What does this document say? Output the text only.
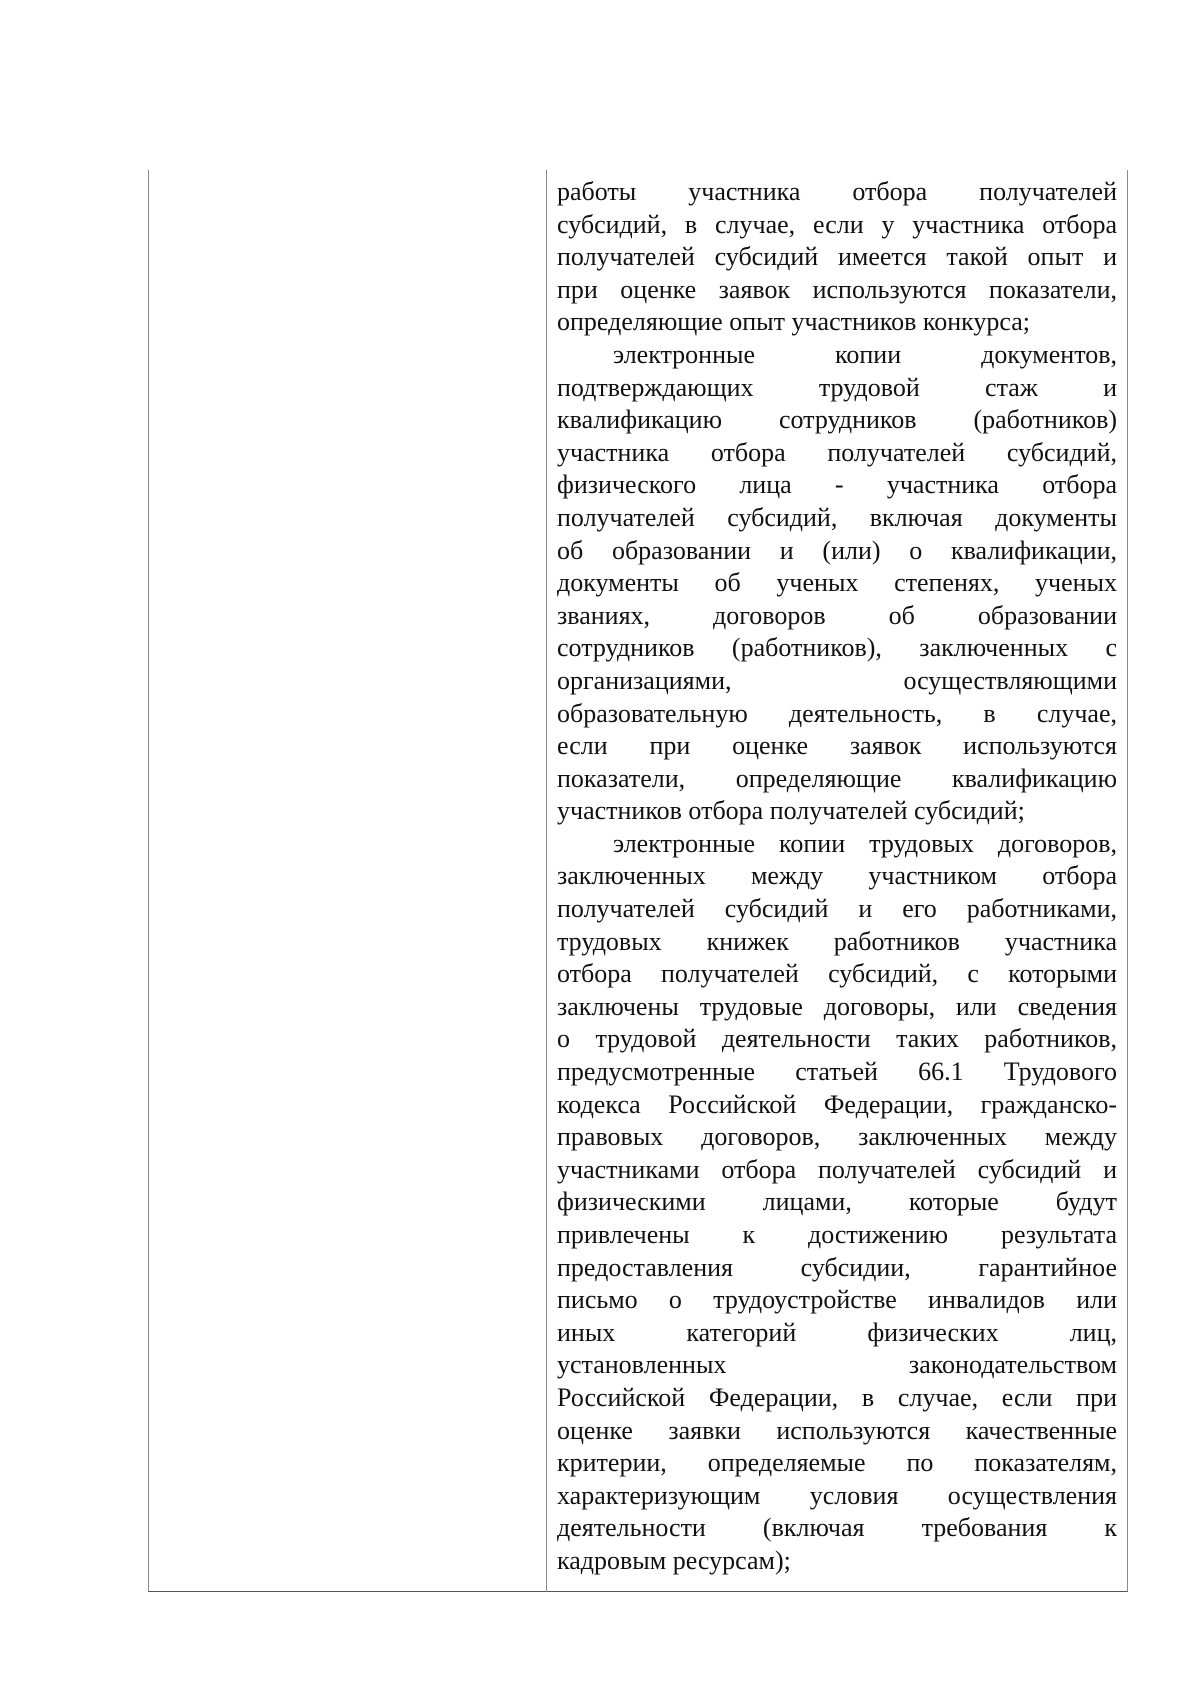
работы участника отбора получателей
субсидий, в случае, если у участника отбора
получателей субсидий имеется такой опыт и
при оценке заявок используются показатели,
определяющие опыт участников конкурса;
электронные копии документов,
подтверждающих трудовой стаж и
квалификацию сотрудников (работников)
участника отбора получателей субсидий,
физического лица - участника отбора
получателей субсидий, включая документы
об образовании и (или) о квалификации,
документы об ученых степенях, ученых
званиях, договоров об образовании
сотрудников (работников), заключенных с
организациями, осуществляющими
образовательную деятельность, в случае,
если при оценке заявок используются
показатели, определяющие квалификацию
участников отбора получателей субсидий;
электронные копии трудовых договоров,
заключенных между участником отбора
получателей субсидий и его работниками,
трудовых книжек работников участника
отбора получателей субсидий, с которыми
заключены трудовые договоры, или сведения
о трудовой деятельности таких работников,
предусмотренные статьей 66.1 Трудового
кодекса Российской Федерации, гражданско-
правовых договоров, заключенных между
участниками отбора получателей субсидий и
физическими лицами, которые будут
привлечены к достижению результата
предоставления субсидии, гарантийное
письмо о трудоустройстве инвалидов или
иных категорий физических лиц,
установленных законодательством
Российской Федерации, в случае, если при
оценке заявки используются качественные
критерии, определяемые по показателям,
характеризующим условия осуществления
деятельности (включая требования к
кадровым ресурсам);
